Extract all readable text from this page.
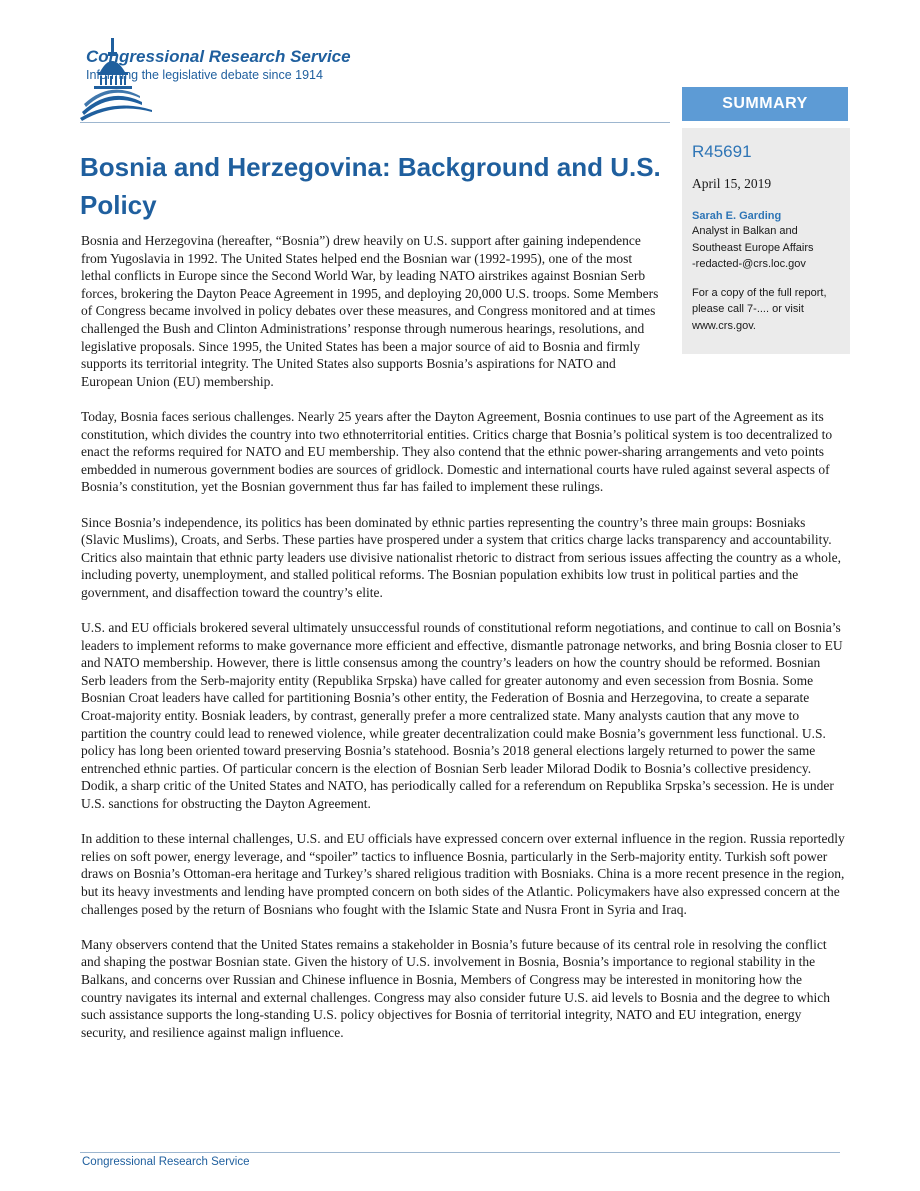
Congressional Research Service
Informing the legislative debate since 1914
SUMMARY
R45691
April 15, 2019
Sarah E. Garding
Analyst in Balkan and Southeast Europe Affairs
-redacted-@crs.loc.gov
For a copy of the full report, please call 7-.... or visit www.crs.gov.
Bosnia and Herzegovina: Background and U.S. Policy

Bosnia and Herzegovina (hereafter, “Bosnia”) drew heavily on U.S. support after gaining independence from Yugoslavia in 1992. The United States helped end the Bosnian war (1992-1995), one of the most lethal conflicts in Europe since the Second World War, by leading NATO airstrikes against Bosnian Serb forces, brokering the Dayton Peace Agreement in 1995, and deploying 20,000 U.S. troops. Some Members of Congress became involved in policy debates over these measures, and Congress monitored and at times challenged the Bush and Clinton Administrations’ response through numerous hearings, resolutions, and legislative proposals. Since 1995, the United States has been a major source of aid to Bosnia and firmly supports its territorial integrity. The United States also supports Bosnia’s aspirations for NATO and European Union (EU) membership.

Today, Bosnia faces serious challenges. Nearly 25 years after the Dayton Agreement, Bosnia continues to use part of the Agreement as its constitution, which divides the country into two ethnoterritorial entities. Critics charge that Bosnia’s political system is too decentralized to enact the reforms required for NATO and EU membership. They also contend that the ethnic power-sharing arrangements and veto points embedded in numerous government bodies are sources of gridlock. Domestic and international courts have ruled against several aspects of Bosnia’s constitution, yet the Bosnian government thus far has failed to implement these rulings.

Since Bosnia’s independence, its politics has been dominated by ethnic parties representing the country’s three main groups: Bosniaks (Slavic Muslims), Croats, and Serbs. These parties have prospered under a system that critics charge lacks transparency and accountability. Critics also maintain that ethnic party leaders use divisive nationalist rhetoric to distract from serious issues affecting the country as a whole, including poverty, unemployment, and stalled political reforms. The Bosnian population exhibits low trust in political parties and the government, and disaffection toward the country’s elite.

U.S. and EU officials brokered several ultimately unsuccessful rounds of constitutional reform negotiations, and continue to call on Bosnia’s leaders to implement reforms to make governance more efficient and effective, dismantle patronage networks, and bring Bosnia closer to EU and NATO membership. However, there is little consensus among the country’s leaders on how the country should be reformed. Bosnian Serb leaders from the Serb-majority entity (Republika Srpska) have called for greater autonomy and even secession from Bosnia. Some Bosnian Croat leaders have called for partitioning Bosnia’s other entity, the Federation of Bosnia and Herzegovina, to create a separate Croat-majority entity. Bosniak leaders, by contrast, generally prefer a more centralized state. Many analysts caution that any move to partition the country could lead to renewed violence, while greater decentralization could make Bosnia’s government less functional. U.S. policy has long been oriented toward preserving Bosnia’s statehood. Bosnia’s 2018 general elections largely returned to power the same entrenched ethnic parties. Of particular concern is the election of Bosnian Serb leader Milorad Dodik to Bosnia’s collective presidency. Dodik, a sharp critic of the United States and NATO, has periodically called for a referendum on Republika Srpska’s secession. He is under U.S. sanctions for obstructing the Dayton Agreement.

In addition to these internal challenges, U.S. and EU officials have expressed concern over external influence in the region. Russia reportedly relies on soft power, energy leverage, and “spoiler” tactics to influence Bosnia, particularly in the Serb-majority entity. Turkish soft power draws on Bosnia’s Ottoman-era heritage and Turkey’s shared religious tradition with Bosniaks. China is a more recent presence in the region, but its heavy investments and lending have prompted concern on both sides of the Atlantic. Policymakers have also expressed concern at the challenges posed by the return of Bosnians who fought with the Islamic State and Nusra Front in Syria and Iraq.

Many observers contend that the United States remains a stakeholder in Bosnia’s future because of its central role in resolving the conflict and shaping the postwar Bosnian state. Given the history of U.S. involvement in Bosnia, Bosnia’s importance to regional stability in the Balkans, and concerns over Russian and Chinese influence in Bosnia, Members of Congress may be interested in monitoring how the country navigates its internal and external challenges. Congress may also consider future U.S. aid levels to Bosnia and the degree to which such assistance supports the long-standing U.S. policy objectives for Bosnia of territorial integrity, NATO and EU integration, energy security, and resilience against malign influence.

Congressional Research Service
